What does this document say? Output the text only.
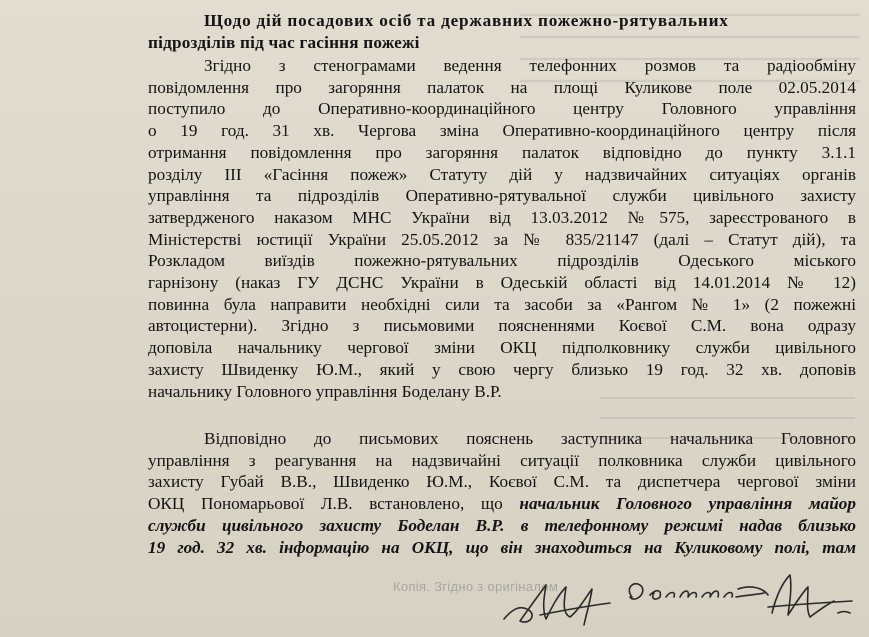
Щодо дій посадових осіб та державних пожежно-рятувальних
підрозділів під час гасіння пожежі
Згідно з стенограмами ведення телефонних розмов та радіообміну
повідомлення про загоряння палаток на площі Куликове поле 02.05.2014
поступило до Оперативно-координаційного центру Головного управління
о 19 год. 31 хв. Чергова зміна Оперативно-координаційного центру після
отримання повідомлення про загоряння палаток відповідно до пункту 3.1.1
розділу III «Гасіння пожеж» Статуту дій у надзвичайних ситуаціях органів
управління та підрозділів Оперативно-рятувальної служби цивільного захисту
затвердженого наказом МНС України від 13.03.2012 №575, зареєстрованого в
Міністерстві юстиції України 25.05.2012 за № 835/21147 (далі – Статут дій), та
Розкладом виїздів пожежно-рятувальних підрозділів Одеського міського
гарнізону (наказ ГУ ДСНС України в Одеській області від 14.01.2014 № 12)
повинна була направити необхідні сили та засоби за «Рангом № 1» (2 пожежні
автоцистерни). Згідно з письмовими поясненнями Коєвої С.М. вона одразу
доповіла начальнику чергової зміни ОКЦ підполковнику служби цивільного
захисту Швиденку Ю.М., який у свою чергу близько 19 год. 32 хв. доповів
начальнику Головного управління Боделану В.Р.
Відповідно до письмових пояснень заступника начальника Головного
управління з реагування на надзвичайні ситуації полковника служби цивільного
захисту Губай В.В., Швиденко Ю.М., Коєвої С.М. та диспетчера чергової зміни
ОКЦ Пономарьової Л.В. встановлено, що начальник Головного управління майор
служби цивільного захисту Боделан В.Р. в телефонному режимі надав близько
19 год. 32 хв. інформацію на ОКЦ, що він знаходиться на Куликовому полі, там
Копія. Згідно з оригіналом
